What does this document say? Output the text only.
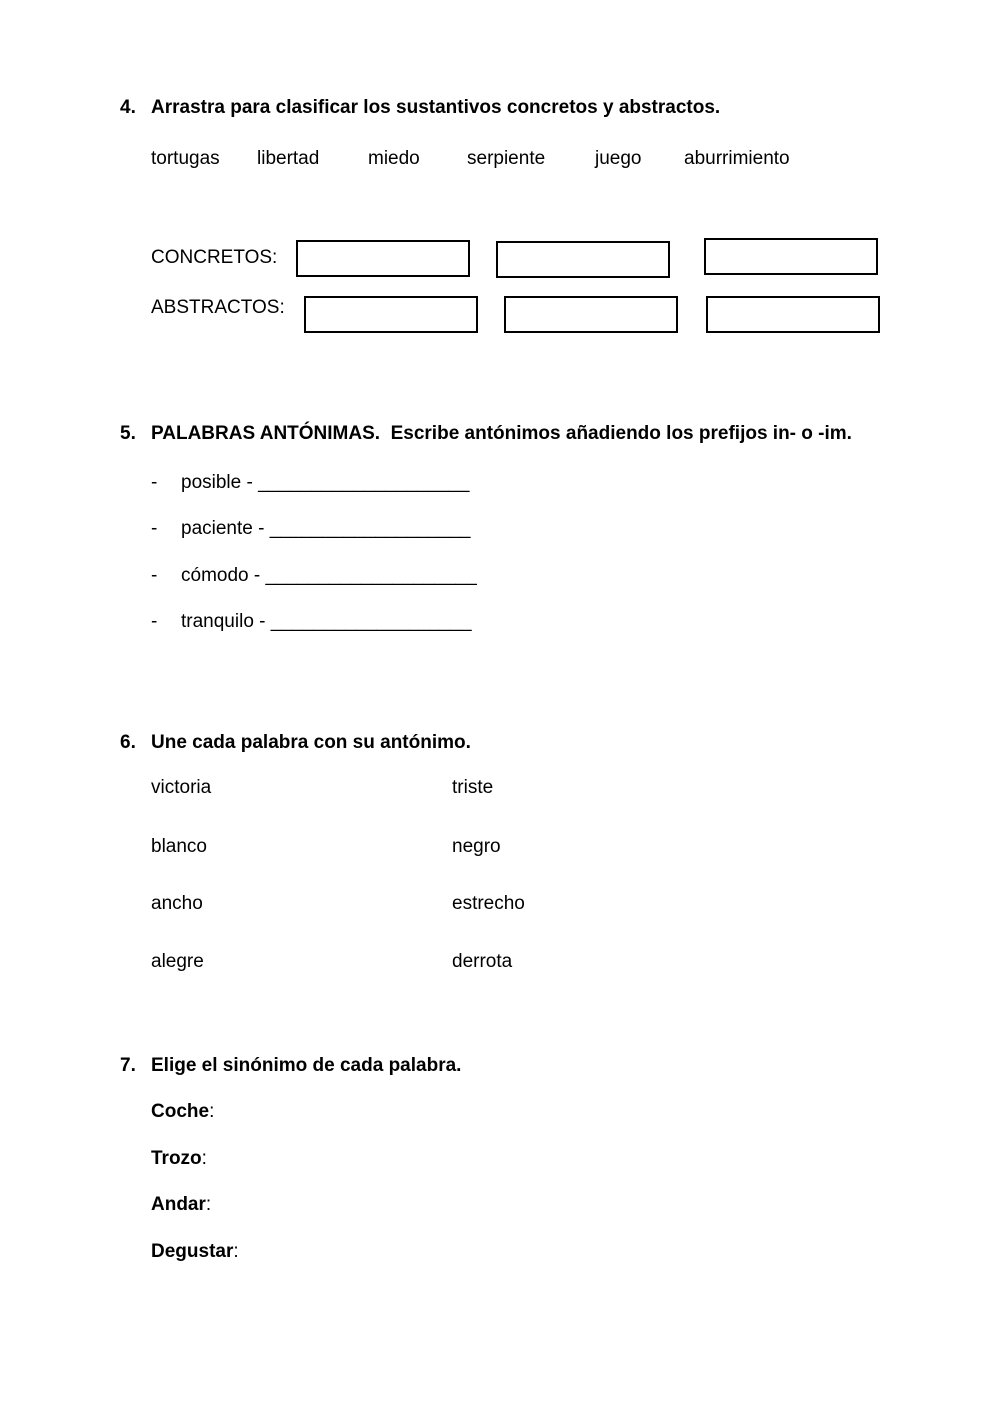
4. Arrastra para clasificar los sustantivos concretos y abstractos.
tortugas libertad	miedo serpiente	juego aburrimiento
CONCRETOS:
ABSTRACTOS:
5. PALABRAS ANTÓNIMAS.  Escribe antónimos añadiendo los prefijos in- o -im.
- posible - ____________________
- paciente - ___________________
- cómodo - ____________________
- tranquilo - ___________________
6. Une cada palabra con su antónimo.
victoria	triste
blanco	negro
ancho	estrecho
alegre	derrota
7. Elige el sinónimo de cada palabra.
Coche:
Trozo:
Andar:
Degustar:
